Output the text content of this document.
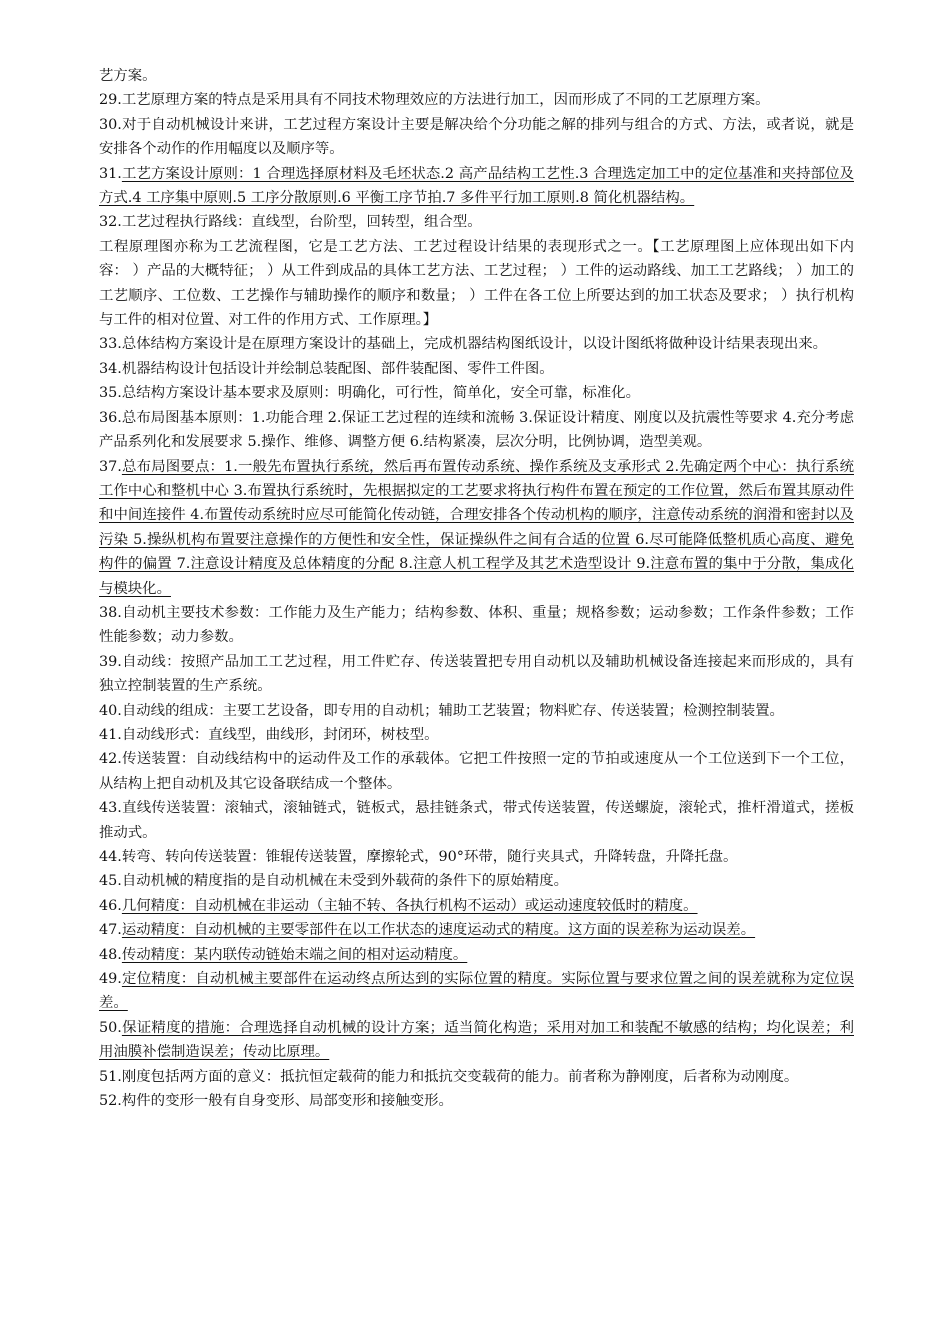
艺方案。

29.工艺原理方案的特点是采用具有不同技术物理效应的方法进行加工，因而形成了不同的工艺原理方案。

30.对于自动机械设计来讲，工艺过程方案设计主要是解决给个分功能之解的排列与组合的方式、方法，或者说，就是安排各个动作的作用幅度以及顺序等。

31.工艺方案设计原则：1 合理选择原材料及毛坯状态.2 高产品结构工艺性.3 合理选定加工中的定位基准和夹持部位及方式.4 工序集中原则.5 工序分散原则.6 平衡工序节拍.7 多件平行加工原则.8 简化机器结构。

32.工艺过程执行路线：直线型，台阶型，回转型，组合型。

工程原理图亦称为工艺流程图，它是工艺方法、工艺过程设计结果的表现形式之一。【工艺原理图上应体现出如下内容： ）产品的大概特征； ）从工件到成品的具体工艺方法、工艺过程； ）工件的运动路线、加工工艺路线； ）加工的工艺顺序、工位数、工艺操作与辅助操作的顺序和数量； ）工件在各工位上所要达到的加工状态及要求； ）执行机构与工件的相对位置、对工件的作用方式、工作原理。】

33.总体结构方案设计是在原理方案设计的基础上，完成机器结构图纸设计，以设计图纸将做种设计结果表现出来。

34.机器结构设计包括设计并绘制总装配图、部件装配图、零件工件图。

35.总结构方案设计基本要求及原则：明确化，可行性，简单化，安全可靠，标准化。

36.总布局图基本原则：1.功能合理 2.保证工艺过程的连续和流畅 3.保证设计精度、刚度以及抗震性等要求 4.充分考虑产品系列化和发展要求 5.操作、维修、调整方便 6.结构紧凑，层次分明，比例协调，造型美观。

37.总布局图要点：1.一般先布置执行系统，然后再布置传动系统、操作系统及支承形式 2.先确定两个中心：执行系统工作中心和整机中心 3.布置执行系统时，先根据拟定的工艺要求将执行构件布置在预定的工作位置，然后布置其原动件和中间连接件 4.布置传动系统时应尽可能简化传动链，合理安排各个传动机构的顺序，注意传动系统的润滑和密封以及污染 5.操纵机构布置要注意操作的方便性和安全性，保证操纵件之间有合适的位置 6.尽可能降低整机质心高度、避免构件的偏置 7.注意设计精度及总体精度的分配 8.注意人机工程学及其艺术造型设计 9.注意布置的集中于分散，集成化与模块化。

38.自动机主要技术参数：工作能力及生产能力；结构参数、体积、重量；规格参数；运动参数；工作条件参数；工作性能参数；动力参数。

39.自动线：按照产品加工工艺过程，用工件贮存、传送装置把专用自动机以及辅助机械设备连接起来而形成的，具有独立控制装置的生产系统。

40.自动线的组成：主要工艺设备，即专用的自动机；辅助工艺装置；物料贮存、传送装置；检测控制装置。

41.自动线形式：直线型，曲线形，封闭环，树枝型。

42.传送装置：自动线结构中的运动件及工作的承载体。它把工件按照一定的节拍或速度从一个工位送到下一个工位，从结构上把自动机及其它设备联结成一个整体。

43.直线传送装置：滚轴式，滚轴链式，链板式，悬挂链条式，带式传送装置，传送螺旋，滚轮式，推杆滑道式，搓板推动式。

44.转弯、转向传送装置：锥辊传送装置，摩擦轮式，90°环带，随行夹具式，升降转盘，升降托盘。

45.自动机械的精度指的是自动机械在未受到外载荷的条件下的原始精度。

46.几何精度：自动机械在非运动（主轴不转、各执行机构不运动）或运动速度较低时的精度。

47.运动精度：自动机械的主要零部件在以工作状态的速度运动式的精度。这方面的误差称为运动误差。

48.传动精度：某内联传动链始末端之间的相对运动精度。

49.定位精度：自动机械主要部件在运动终点所达到的实际位置的精度。实际位置与要求位置之间的误差就称为定位误差。

50.保证精度的措施：合理选择自动机械的设计方案；适当简化构造；采用对加工和装配不敏感的结构；均化误差；利用油膜补偿制造误差；传动比原理。

51.刚度包括两方面的意义：抵抗恒定载荷的能力和抵抗交变载荷的能力。前者称为静刚度，后者称为动刚度。

52.构件的变形一般有自身变形、局部变形和接触变形。
